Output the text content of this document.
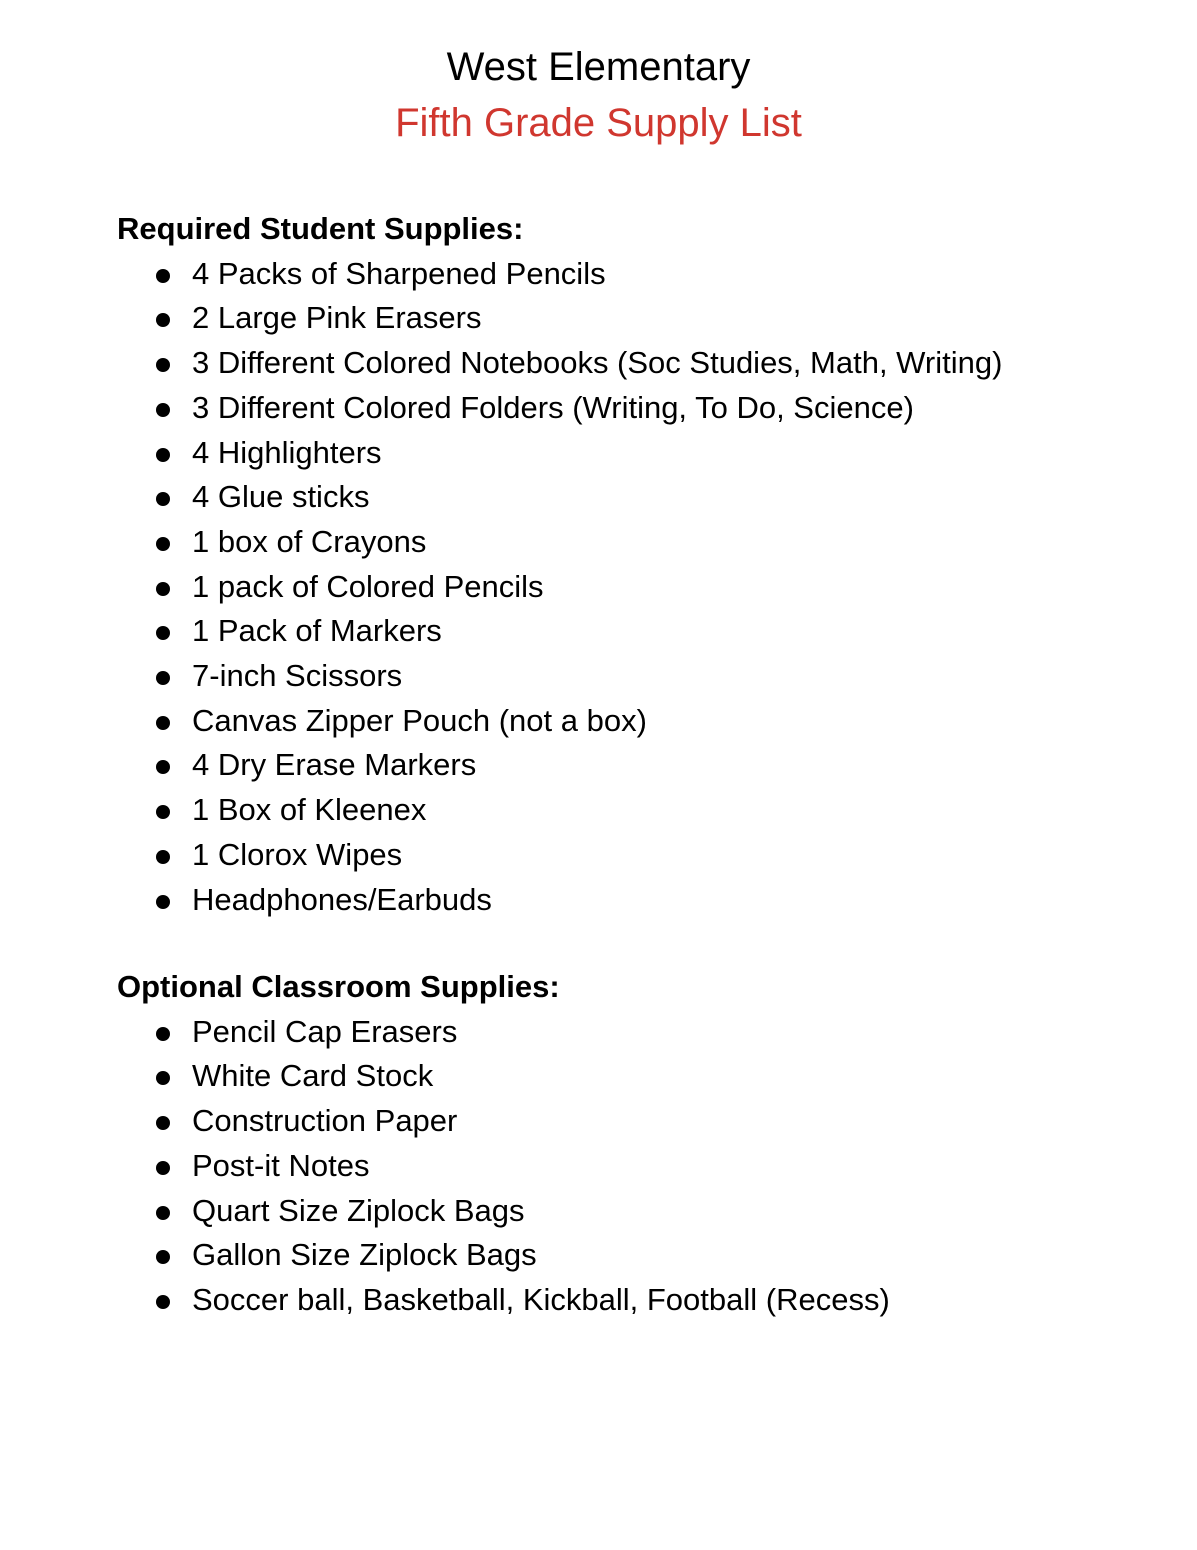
West Elementary
Fifth Grade Supply List
Required Student Supplies:
4 Packs of Sharpened Pencils
2 Large Pink Erasers
3 Different Colored Notebooks (Soc Studies, Math, Writing)
3 Different Colored Folders (Writing, To Do, Science)
4 Highlighters
4 Glue sticks
1 box of Crayons
1 pack of Colored Pencils
1 Pack of Markers
7-inch Scissors
Canvas Zipper Pouch (not a box)
4 Dry Erase Markers
1 Box of Kleenex
1 Clorox Wipes
Headphones/Earbuds
Optional Classroom Supplies:
Pencil Cap Erasers
White Card Stock
Construction Paper
Post-it Notes
Quart Size Ziplock Bags
Gallon Size Ziplock Bags
Soccer ball, Basketball, Kickball, Football (Recess)
